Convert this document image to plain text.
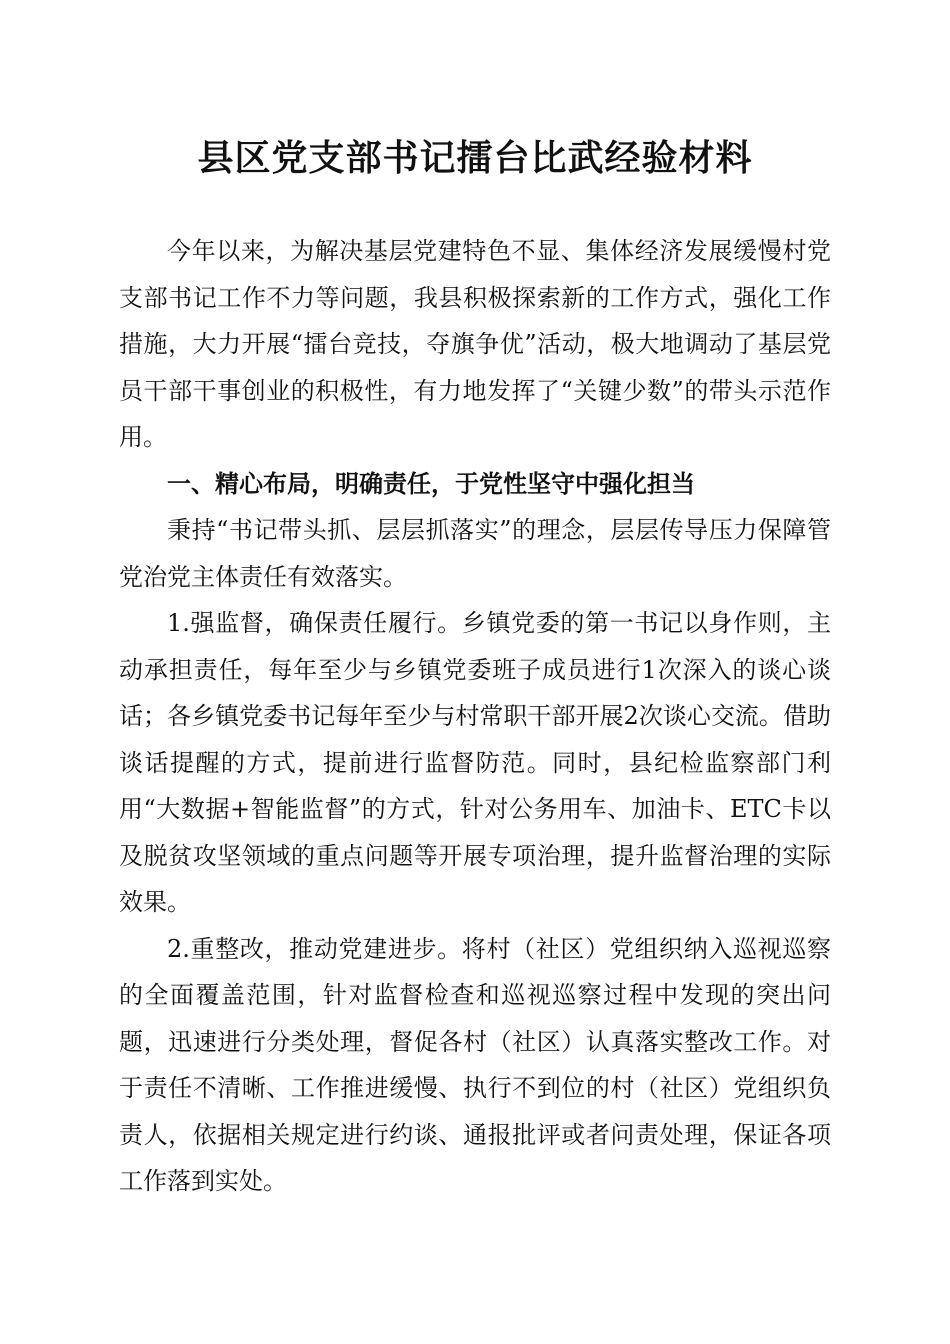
县区党支部书记擂台比武经验材料

今年以来，为解决基层党建特色不显、集体经济发展缓慢村党支部书记工作不力等问题，我县积极探索新的工作方式，强化工作措施，大力开展“擂台竞技，夺旗争优”活动，极大地调动了基层党员干部干事创业的积极性，有力地发挥了“关键少数”的带头示范作用。

一、精心布局，明确责任，于党性坚守中强化担当

秉持“书记带头抓、层层抓落实”的理念，层层传导压力保障管党治党主体责任有效落实。

1.强监督，确保责任履行。乡镇党委的第一书记以身作则，主动承担责任，每年至少与乡镇党委班子成员进行1次深入的谈心谈话；各乡镇党委书记每年至少与村常职干部开展2次谈心交流。借助谈话提醒的方式，提前进行监督防范。同时，县纪检监察部门利用“大数据+智能监督”的方式，针对公务用车、加油卡、ETC卡以及脱贫攻坚领域的重点问题等开展专项治理，提升监督治理的实际效果。

2.重整改，推动党建进步。将村（社区）党组织纳入巡视巡察的全面覆盖范围，针对监督检查和巡视巡察过程中发现的突出问题，迅速进行分类处理，督促各村（社区）认真落实整改工作。对于责任不清晰、工作推进缓慢、执行不到位的村（社区）党组织负责人，依据相关规定进行约谈、通报批评或者问责处理，保证各项工作落到实处。
